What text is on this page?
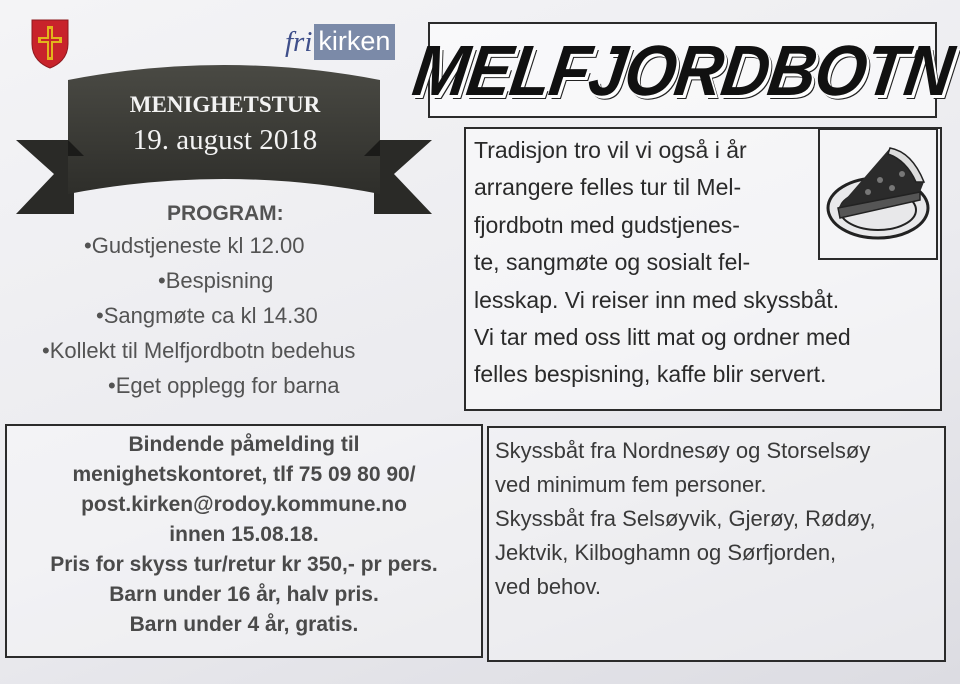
fri kirken
MENIGHETSTUR
19. august 2018
PROGRAM:
•Gudstjeneste kl 12.00
•Bespisning
•Sangmøte ca kl 14.30
•Kollekt til Melfjordbotn bedehus
•Eget opplegg for barna
MELFJORDBOTN

Tradisjon tro vil vi også i år
arrangere felles tur til Mel-
fjordbotn med gudstjenes-
te, sangmøte og sosialt fel-
lesskap. Vi reiser inn med skyssbåt.
Vi tar med oss litt mat og ordner med
felles bespisning, kaffe blir servert.

Bindende påmelding til
menighetskontoret, tlf 75 09 80 90/
post.kirken@rodoy.kommune.no
innen 15.08.18.
Pris for skyss tur/retur kr 350,- pr pers.
Barn under 16 år, halv pris.
Barn under 4 år, gratis.
Skyssbåt fra Nordnesøy og Storselsøy
ved minimum fem personer.
Skyssbåt fra Selsøyvik, Gjerøy, Rødøy,
Jektvik, Kilboghamn og Sørfjorden,
ved behov.
